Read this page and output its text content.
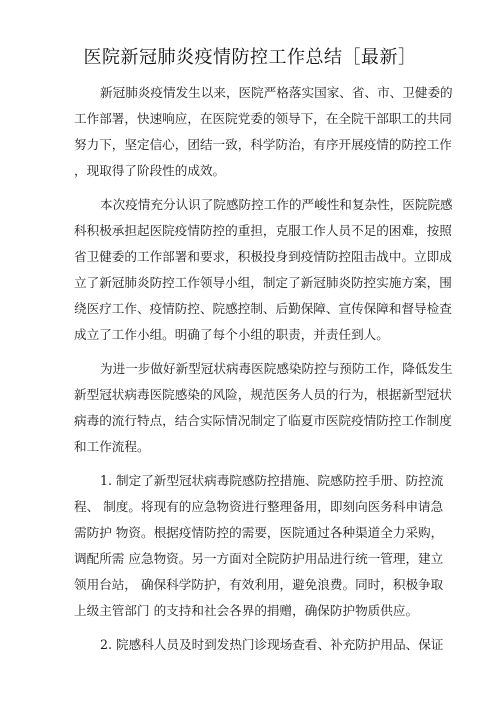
医院新冠肺炎疫情防控工作总结［最新］
新冠肺炎疫情发生以来，医院严格落实国家、省、市、卫健委的
工作部署，快速响应，在医院党委的领导下，在全院干部职工的共同
努力下，坚定信心，团结一致，科学防治，有序开展疫情的防控工作
，现取得了阶段性的成效。
本次疫情充分认识了院感防控工作的严峻性和复杂性，医院院感
科积极承担起医院疫情防控的重担，克服工作人员不足的困难，按照
省卫健委的工作部署和要求，积极投身到疫情防控阻击战中。立即成
立了新冠肺炎防控工作领导小组，制定了新冠肺炎防控实施方案，围
绕医疗工作、疫情防控、院感控制、后勤保障、宣传保障和督导检查
成立了工作小组。明确了每个小组的职责，并责任到人。
为进一步做好新型冠状病毒医院感染防控与预防工作，降低发生
新型冠状病毒医院感染的风险，规范医务人员的行为，根据新型冠状
病毒的流行特点，结合实际情况制定了临夏市医院疫情防控工作制度
和工作流程。
1. 制定了新型冠状病毒院感防控措施、院感防控手册、防控流
程、 制度。将现有的应急物资进行整理备用，即刻向医务科申请急
需防护 物资。根据疫情防控的需要，医院通过各种渠道全力采购，
调配所需 应急物资。另一方面对全院防护用品进行统一管理，建立
领用台站， 确保科学防护，有效利用，避免浪费。同时，积极争取
上级主管部门 的支持和社会各界的捐赠，确保防护物质供应。
2. 院感科人员及时到发热门诊现场查看、补充防护用品、保证
